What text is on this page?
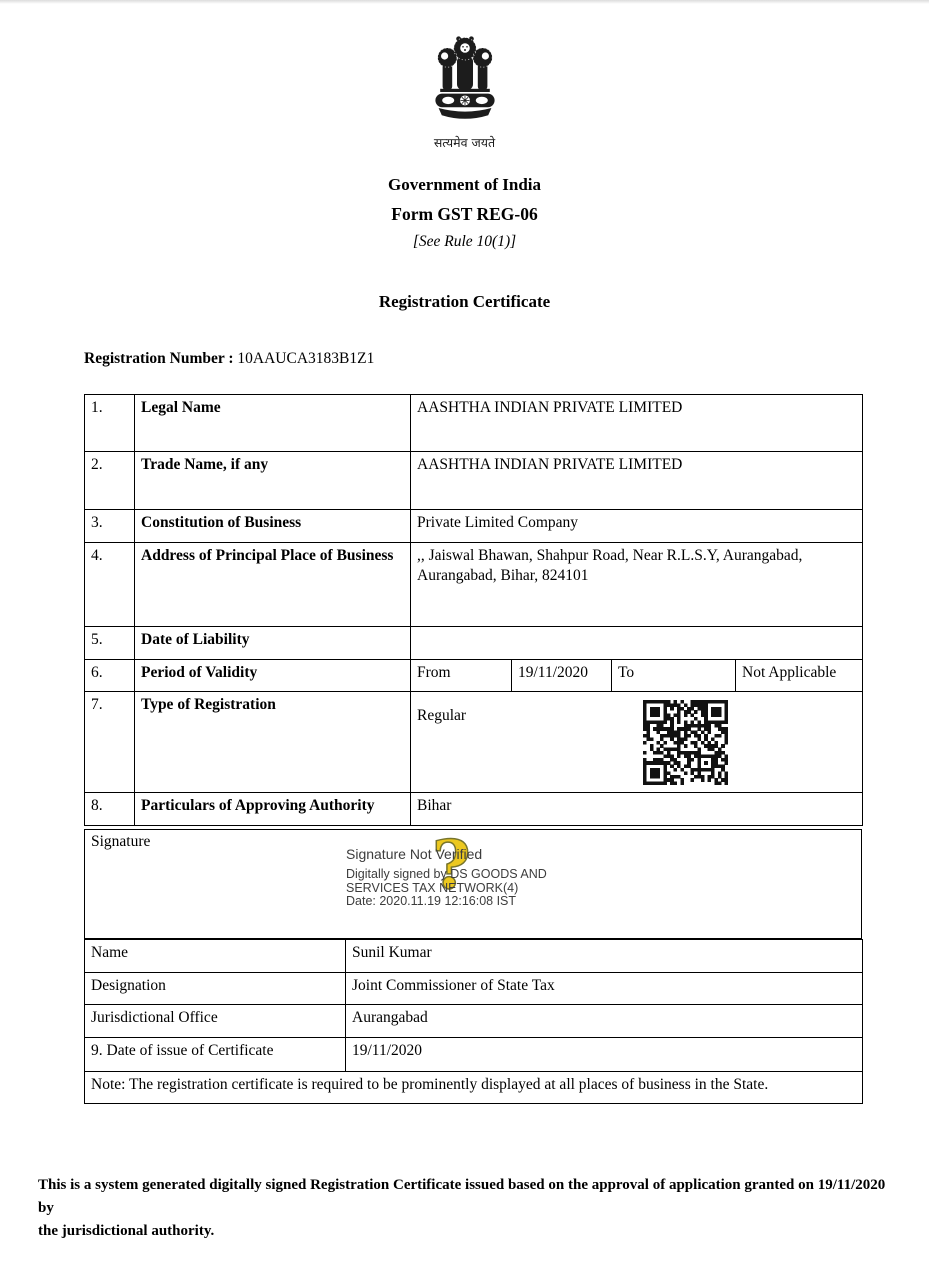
सत्यमेव जयते
Government of India
Form GST REG-06
[See Rule 10(1)]
Registration Certificate
Registration Number : 10AAUCA3183B1Z1
1.	Legal Name	AASHTHA INDIAN PRIVATE LIMITED			
2.	Trade Name, if any	AASHTHA INDIAN PRIVATE LIMITED			
3.	Constitution of Business	Private Limited Company			
4.	Address of Principal Place of Business	,, Jaiswal Bhawan, Shahpur Road, Near R.L.S.Y, Aurangabad, Aurangabad, Bihar, 824101			
5.	Date of Liability				
6.	Period of Validity	From	19/11/2020	To	Not Applicable
7.	Type of Registration	Regular			

8.	Particulars of Approving Authority	Bihar			
Signature	?
Signature Not Verified
Digitally signed by DS GOODS AND
SERVICES TAX NETWORK(4)
Date: 2020.11.19 12:16:08 IST
Name	Sunil Kumar
Designation	Joint Commissioner of State Tax
Jurisdictional Office	Aurangabad
9. Date of issue of Certificate	19/11/2020
Note: The registration certificate is required to be prominently displayed at all places of business in the State.	
This is a system generated digitally signed Registration Certificate issued based on the approval of application granted on 19/11/2020 by
the jurisdictional authority.
